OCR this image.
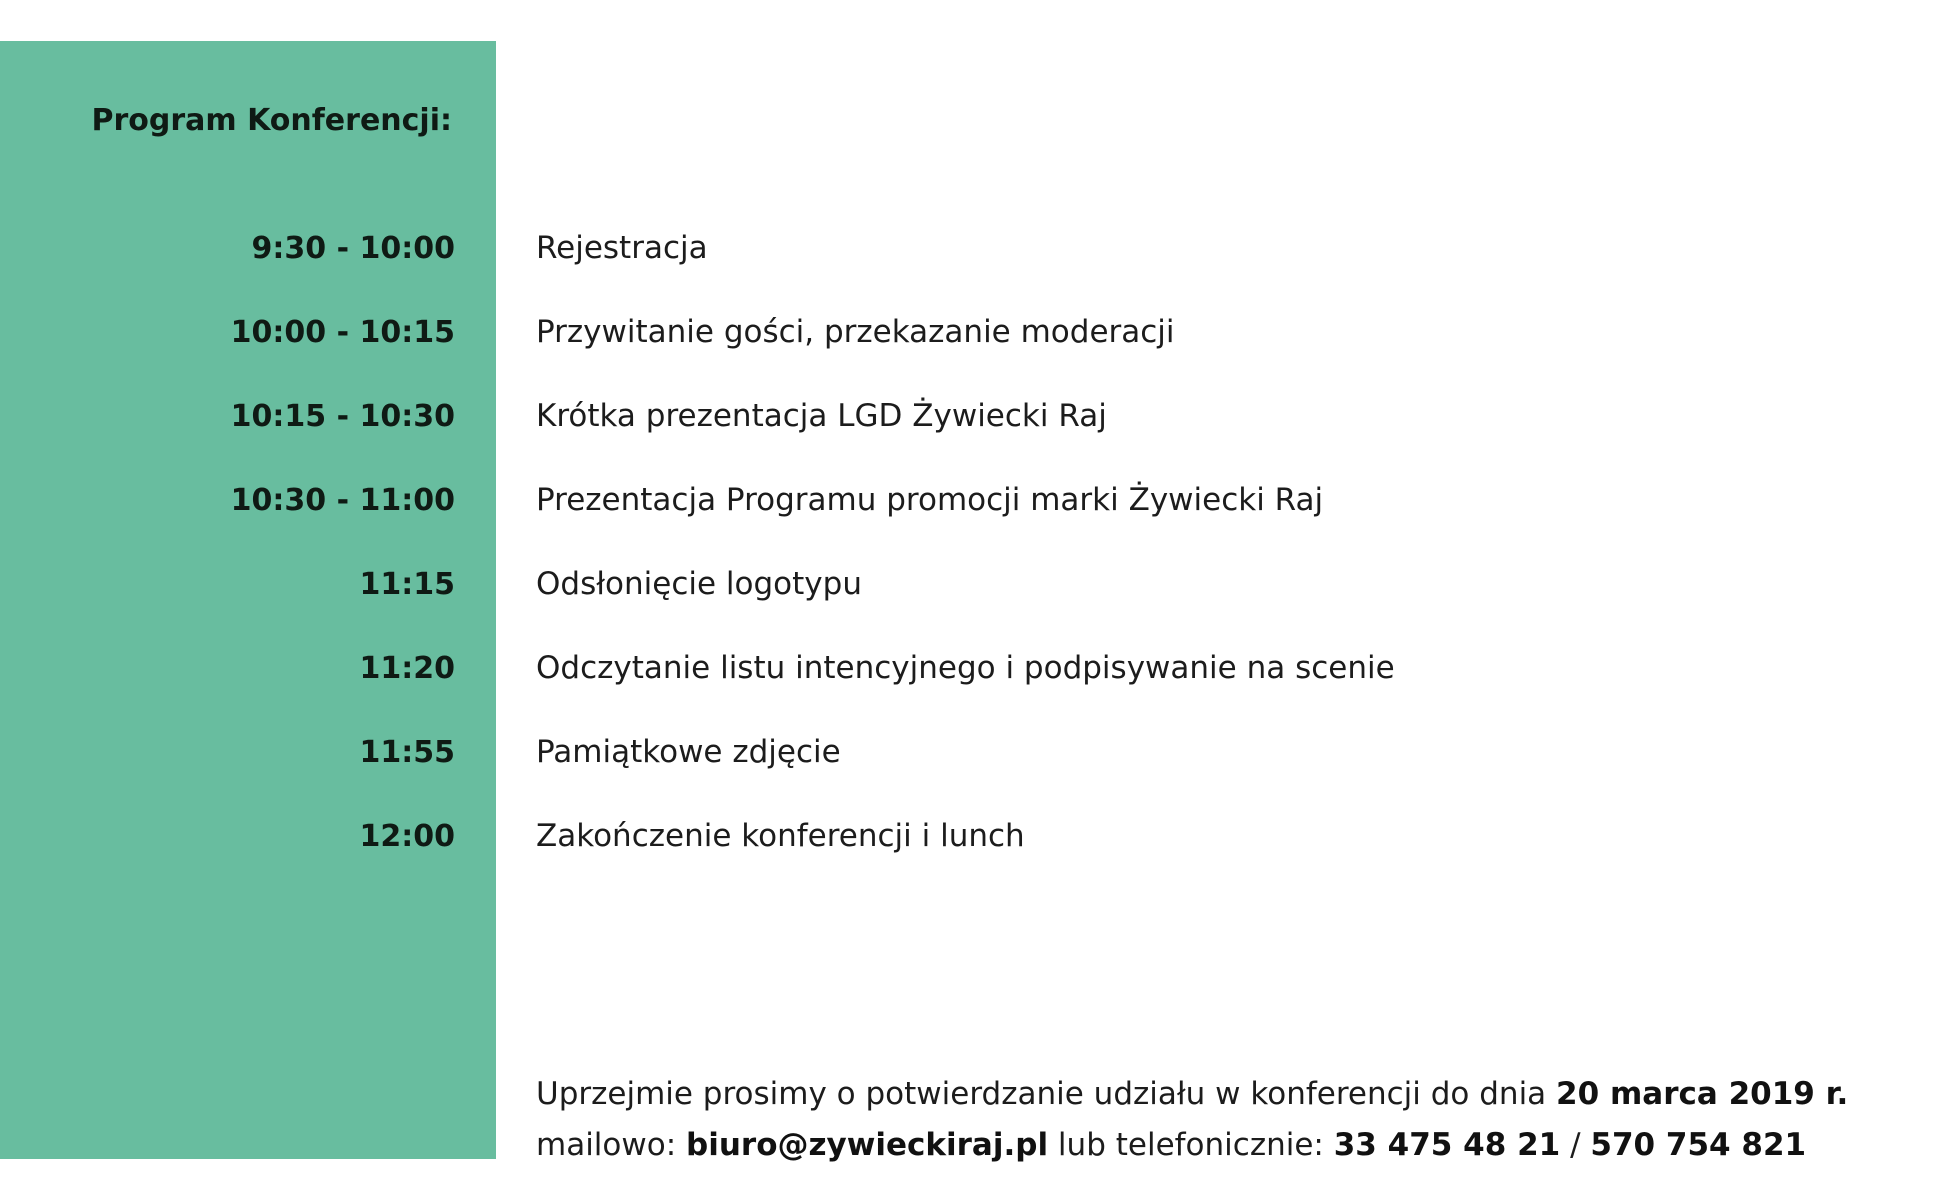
Program Konferencji:
9:30 - 10:00	Rejestracja
10:00 - 10:15	Przywitanie gości, przekazanie moderacji
10:15 - 10:30	Krótka prezentacja LGD Żywiecki Raj
10:30 - 11:00	Prezentacja Programu promocji marki Żywiecki Raj
11:15	Odsłonięcie logotypu
11:20	Odczytanie listu intencyjnego i podpisywanie na scenie
11:55	Pamiątkowe zdjęcie
12:00	Zakończenie konferencji i lunch
Uprzejmie prosimy o potwierdzanie udziału w konferencji do dnia 20 marca 2019 r.
mailowo: biuro@zywieckiraj.pl lub telefonicznie: 33 475 48 21 / 570 754 821
